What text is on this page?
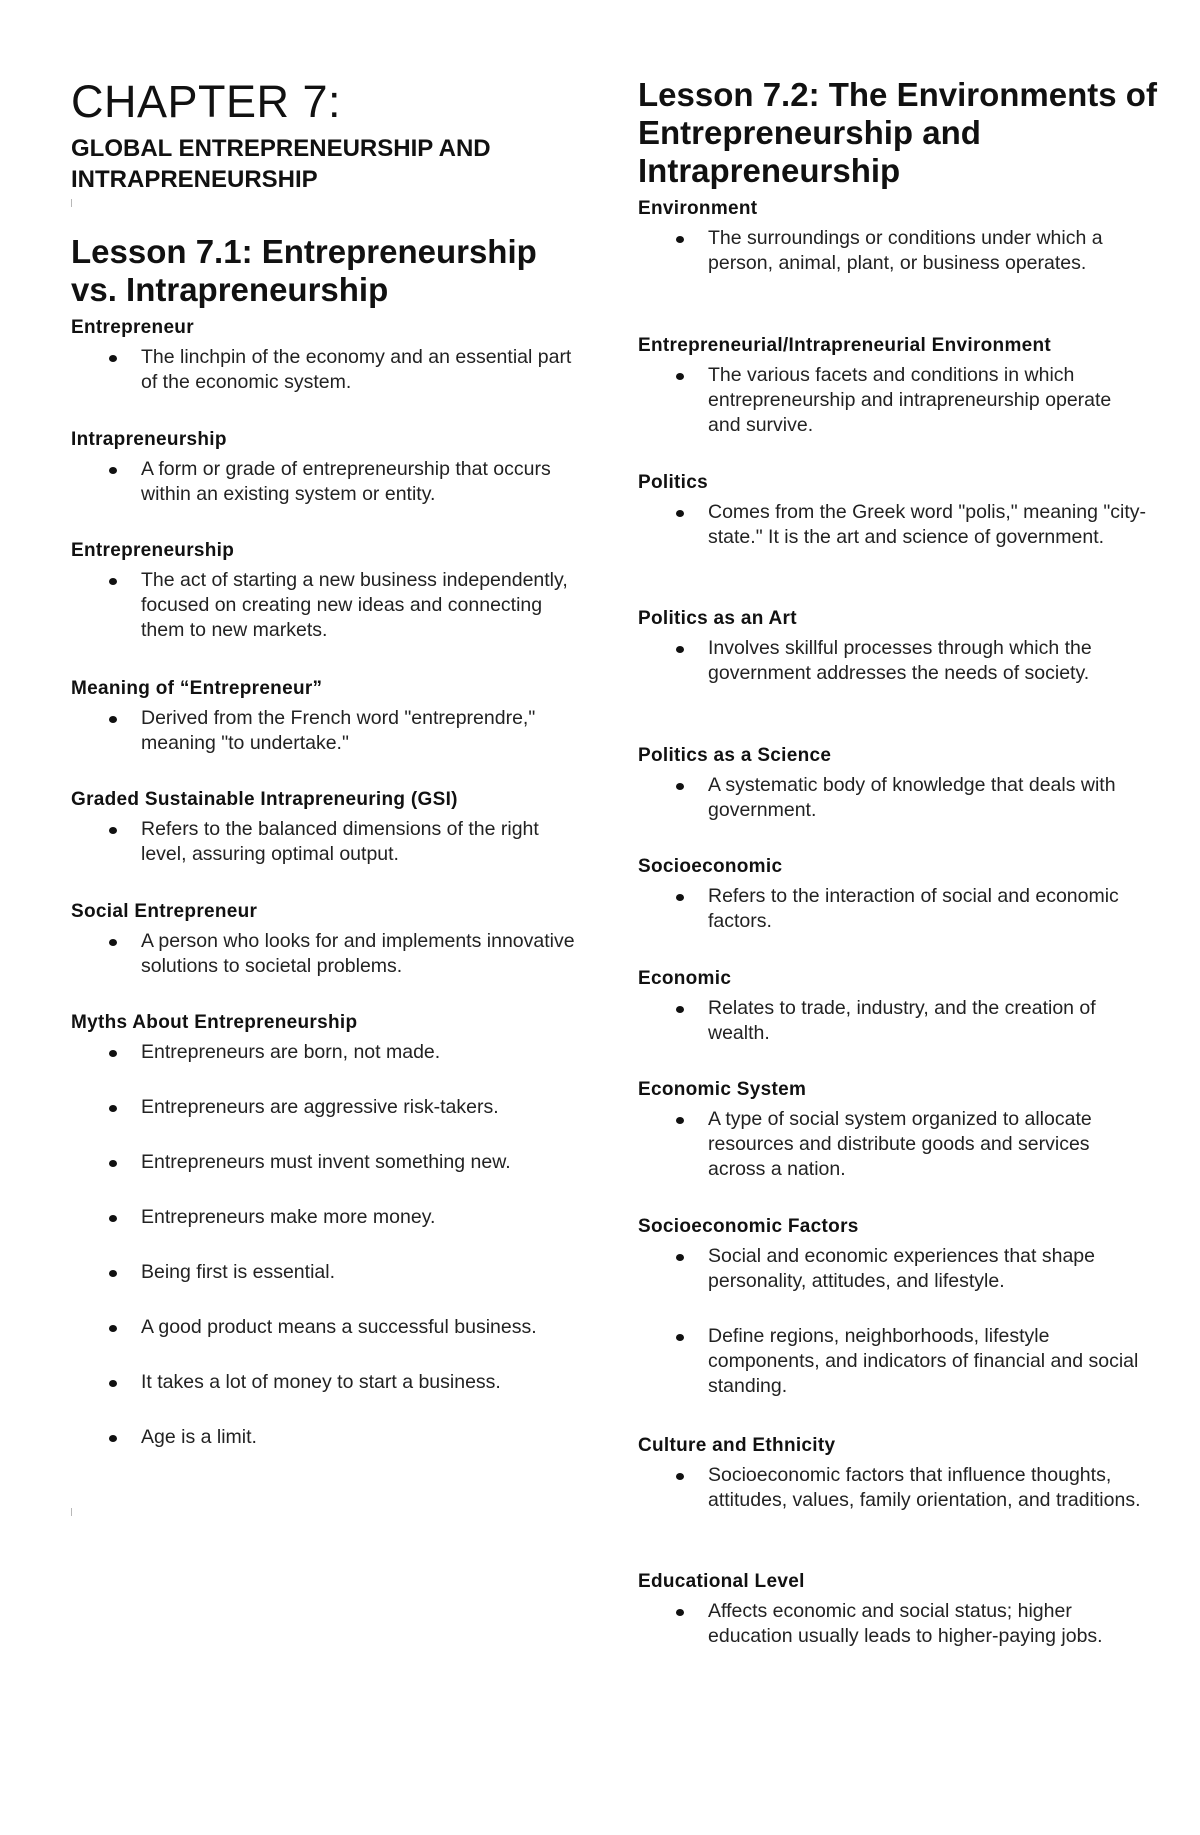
CHAPTER 7:
GLOBAL ENTREPRENEURSHIP AND INTRAPRENEURSHIP
Lesson 7.1: Entrepreneurship vs. Intrapreneurship

Entrepreneur

The linchpin of the economy and an essential part of the economic system.

Intrapreneurship

A form or grade of entrepreneurship that occurs within an existing system or entity.

Entrepreneurship

The act of starting a new business independently, focused on creating new ideas and connecting them to new markets.

Meaning of “Entrepreneur”

Derived from the French word "entreprendre," meaning "to undertake."

Graded Sustainable Intrapreneuring (GSI)

Refers to the balanced dimensions of the right level, assuring optimal output.

Social Entrepreneur

A person who looks for and implements innovative solutions to societal problems.

Myths About Entrepreneurship

Entrepreneurs are born, not made.
Entrepreneurs are aggressive risk-takers.
Entrepreneurs must invent something new.
Entrepreneurs make more money.
Being first is essential.
A good product means a successful business.
It takes a lot of money to start a business.
Age is a limit.
Lesson 7.2: The Environments of Entrepreneurship and Intrapreneurship

Environment

The surroundings or conditions under which a person, animal, plant, or business operates.

Entrepreneurial/Intrapreneurial Environment

The various facets and conditions in which entrepreneurship and intrapreneurship operate and survive.

Politics

Comes from the Greek word "polis," meaning "city-state." It is the art and science of government.

Politics as an Art

Involves skillful processes through which the government addresses the needs of society.

Politics as a Science

A systematic body of knowledge that deals with government.

Socioeconomic

Refers to the interaction of social and economic factors.

Economic

Relates to trade, industry, and the creation of wealth.

Economic System

A type of social system organized to allocate resources and distribute goods and services across a nation.

Socioeconomic Factors

Social and economic experiences that shape personality, attitudes, and lifestyle.
Define regions, neighborhoods, lifestyle components, and indicators of financial and social standing.

Culture and Ethnicity

Socioeconomic factors that influence thoughts, attitudes, values, family orientation, and traditions.

Educational Level

Affects economic and social status; higher education usually leads to higher-paying jobs.
